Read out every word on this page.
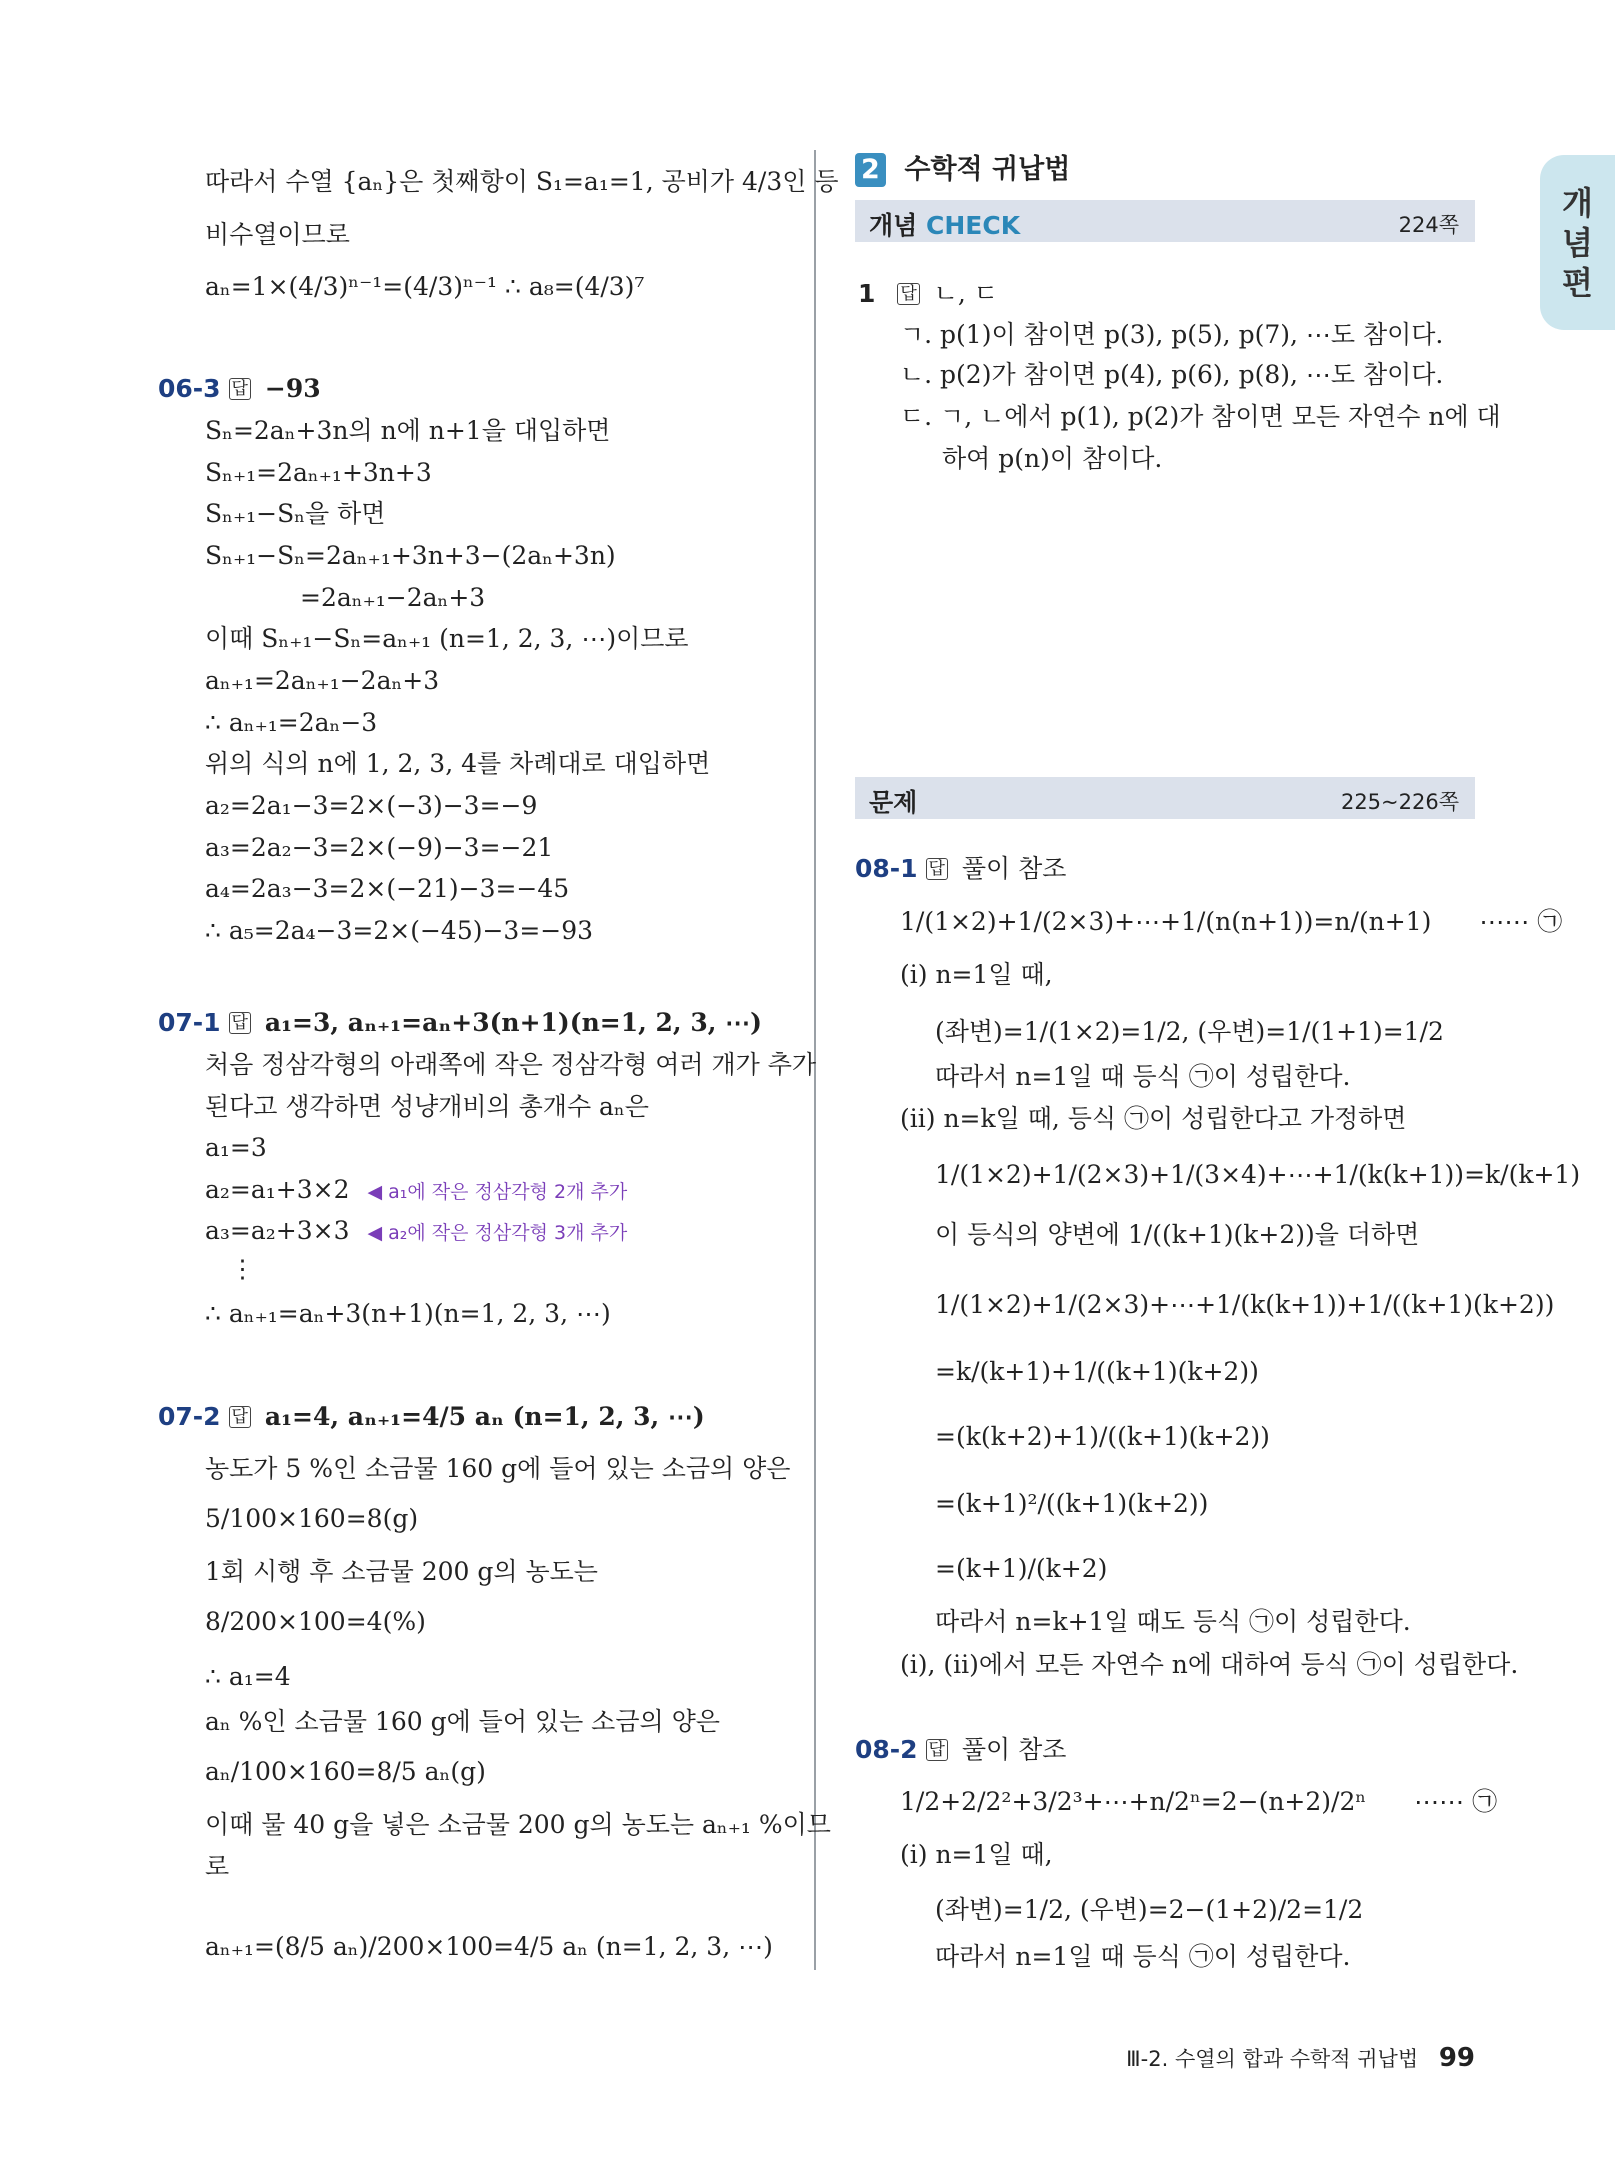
개
념
편
따라서 수열 {aₙ}은 첫째항이 S₁=a₁=1, 공비가 4/3인 등
비수열이므로
aₙ=1×(4/3)ⁿ⁻¹=(4/3)ⁿ⁻¹ ∴ a₈=(4/3)⁷
06-3 답 −93
Sₙ=2aₙ+3n의 n에 n+1을 대입하면
Sₙ₊₁=2aₙ₊₁+3n+3
Sₙ₊₁−Sₙ을 하면
Sₙ₊₁−Sₙ=2aₙ₊₁+3n+3−(2aₙ+3n)
=2aₙ₊₁−2aₙ+3
이때 Sₙ₊₁−Sₙ=aₙ₊₁ (n=1, 2, 3, ⋯)이므로
aₙ₊₁=2aₙ₊₁−2aₙ+3
∴ aₙ₊₁=2aₙ−3
위의 식의 n에 1, 2, 3, 4를 차례대로 대입하면
a₂=2a₁−3=2×(−3)−3=−9
a₃=2a₂−3=2×(−9)−3=−21
a₄=2a₃−3=2×(−21)−3=−45
∴ a₅=2a₄−3=2×(−45)−3=−93
07-1 답 a₁=3, aₙ₊₁=aₙ+3(n+1)(n=1, 2, 3, ⋯)
처음 정삼각형의 아래쪽에 작은 정삼각형 여러 개가 추가
된다고 생각하면 성냥개비의 총개수 aₙ은
a₁=3
a₂=a₁+3×2 ◀ a₁에 작은 정삼각형 2개 추가
a₃=a₂+3×3 ◀ a₂에 작은 정삼각형 3개 추가
⋮
∴ aₙ₊₁=aₙ+3(n+1)(n=1, 2, 3, ⋯)
07-2 답 a₁=4, aₙ₊₁=4/5 aₙ (n=1, 2, 3, ⋯)
농도가 5 %인 소금물 160 g에 들어 있는 소금의 양은
5/100×160=8(g)
1회 시행 후 소금물 200 g의 농도는
8/200×100=4(%)
∴ a₁=4
aₙ %인 소금물 160 g에 들어 있는 소금의 양은
aₙ/100×160=8/5 aₙ(g)
이때 물 40 g을 넣은 소금물 200 g의 농도는 aₙ₊₁ %이므
로
aₙ₊₁=(8/5 aₙ)/200×100=4/5 aₙ (n=1, 2, 3, ⋯)
2 수학적 귀납법
개념 CHECK	224쪽
1 답 ㄴ, ㄷ
ㄱ. p(1)이 참이면 p(3), p(5), p(7), ⋯도 참이다.
ㄴ. p(2)가 참이면 p(4), p(6), p(8), ⋯도 참이다.
ㄷ. ㄱ, ㄴ에서 p(1), p(2)가 참이면 모든 자연수 n에 대
하여 p(n)이 참이다.
문제	225~226쪽
08-1 답 풀이 참조
1/(1×2)+1/(2×3)+⋯+1/(n(n+1))=n/(n+1) ⋯⋯ ㉠
(i) n=1일 때,
(좌변)=1/(1×2)=1/2, (우변)=1/(1+1)=1/2
따라서 n=1일 때 등식 ㉠이 성립한다.
(ii) n=k일 때, 등식 ㉠이 성립한다고 가정하면
1/(1×2)+1/(2×3)+1/(3×4)+⋯+1/(k(k+1))=k/(k+1)
이 등식의 양변에 1/((k+1)(k+2))을 더하면
1/(1×2)+1/(2×3)+⋯+1/(k(k+1))+1/((k+1)(k+2))
=k/(k+1)+1/((k+1)(k+2))
=(k(k+2)+1)/((k+1)(k+2))
=(k+1)²/((k+1)(k+2))
=(k+1)/(k+2)
따라서 n=k+1일 때도 등식 ㉠이 성립한다.
(i), (ii)에서 모든 자연수 n에 대하여 등식 ㉠이 성립한다.
08-2 답 풀이 참조
1/2+2/2²+3/2³+⋯+n/2ⁿ=2−(n+2)/2ⁿ ⋯⋯ ㉠
(i) n=1일 때,
(좌변)=1/2, (우변)=2−(1+2)/2=1/2
따라서 n=1일 때 등식 ㉠이 성립한다.
Ⅲ-2. 수열의 합과 수학적 귀납법 99
